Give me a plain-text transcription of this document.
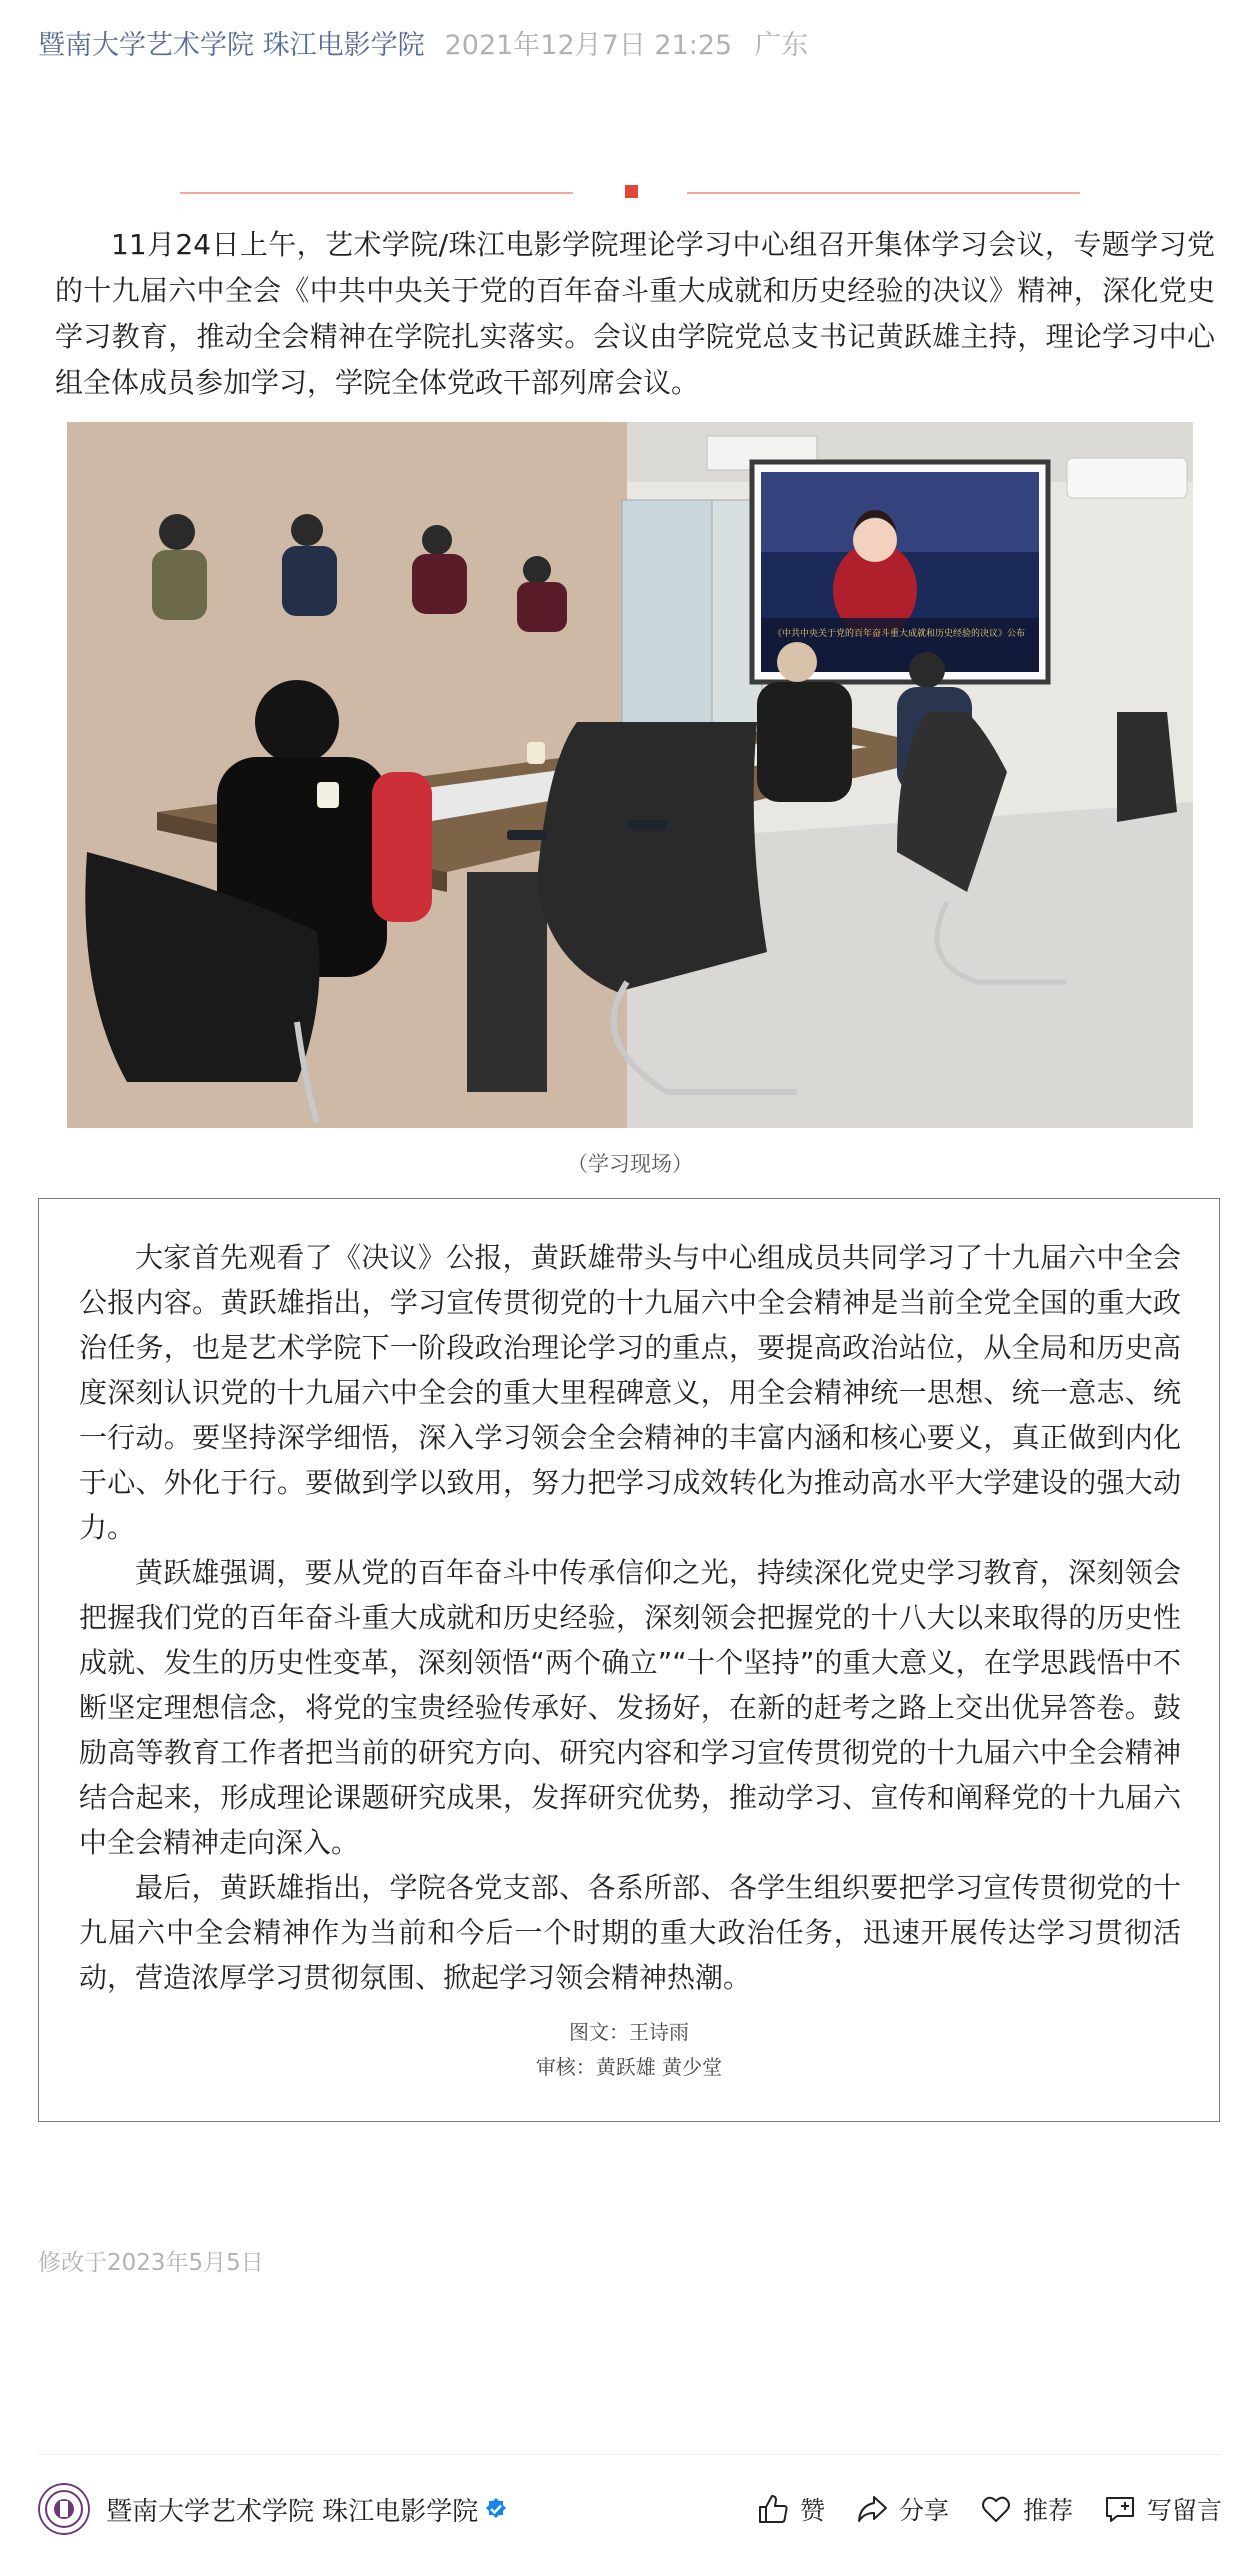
暨南大学艺术学院 珠江电影学院 2021年12月7日 21:25 广东
11月24日上午，艺术学院/珠江电影学院理论学习中心组召开集体学习会议，专题学习党的十九届六中全会《中共中央关于党的百年奋斗重大成就和历史经验的决议》精神，深化党史学习教育，推动全会精神在学院扎实落实。会议由学院党总支书记黄跃雄主持，理论学习中心组全体成员参加学习，学院全体党政干部列席会议。
《中共中央关于党的百年奋斗重大成就和历史经验的决议》公布
（学习现场）

大家首先观看了《决议》公报，黄跃雄带头与中心组成员共同学习了十九届六中全会公报内容。黄跃雄指出，学习宣传贯彻党的十九届六中全会精神是当前全党全国的重大政治任务，也是艺术学院下一阶段政治理论学习的重点，要提高政治站位，从全局和历史高度深刻认识党的十九届六中全会的重大里程碑意义，用全会精神统一思想、统一意志、统一行动。要坚持深学细悟，深入学习领会全会精神的丰富内涵和核心要义，真正做到内化于心、外化于行。要做到学以致用，努力把学习成效转化为推动高水平大学建设的强大动力。

黄跃雄强调，要从党的百年奋斗中传承信仰之光，持续深化党史学习教育，深刻领会把握我们党的百年奋斗重大成就和历史经验，深刻领会把握党的十八大以来取得的历史性成就、发生的历史性变革，深刻领悟“两个确立”“十个坚持”的重大意义，在学思践悟中不断坚定理想信念，将党的宝贵经验传承好、发扬好，在新的赶考之路上交出优异答卷。鼓励高等教育工作者把当前的研究方向、研究内容和学习宣传贯彻党的十九届六中全会精神结合起来，形成理论课题研究成果，发挥研究优势，推动学习、宣传和阐释党的十九届六中全会精神走向深入。

最后，黄跃雄指出，学院各党支部、各系所部、各学生组织要把学习宣传贯彻党的十九届六中全会精神作为当前和今后一个时期的重大政治任务，迅速开展传达学习贯彻活动，营造浓厚学习贯彻氛围、掀起学习领会精神热潮。

图文：王诗雨
审核：黄跃雄 黄少堂
修改于2023年5月5日
暨南大学艺术学院 珠江电影学院	赞	分享	推荐	写留言
